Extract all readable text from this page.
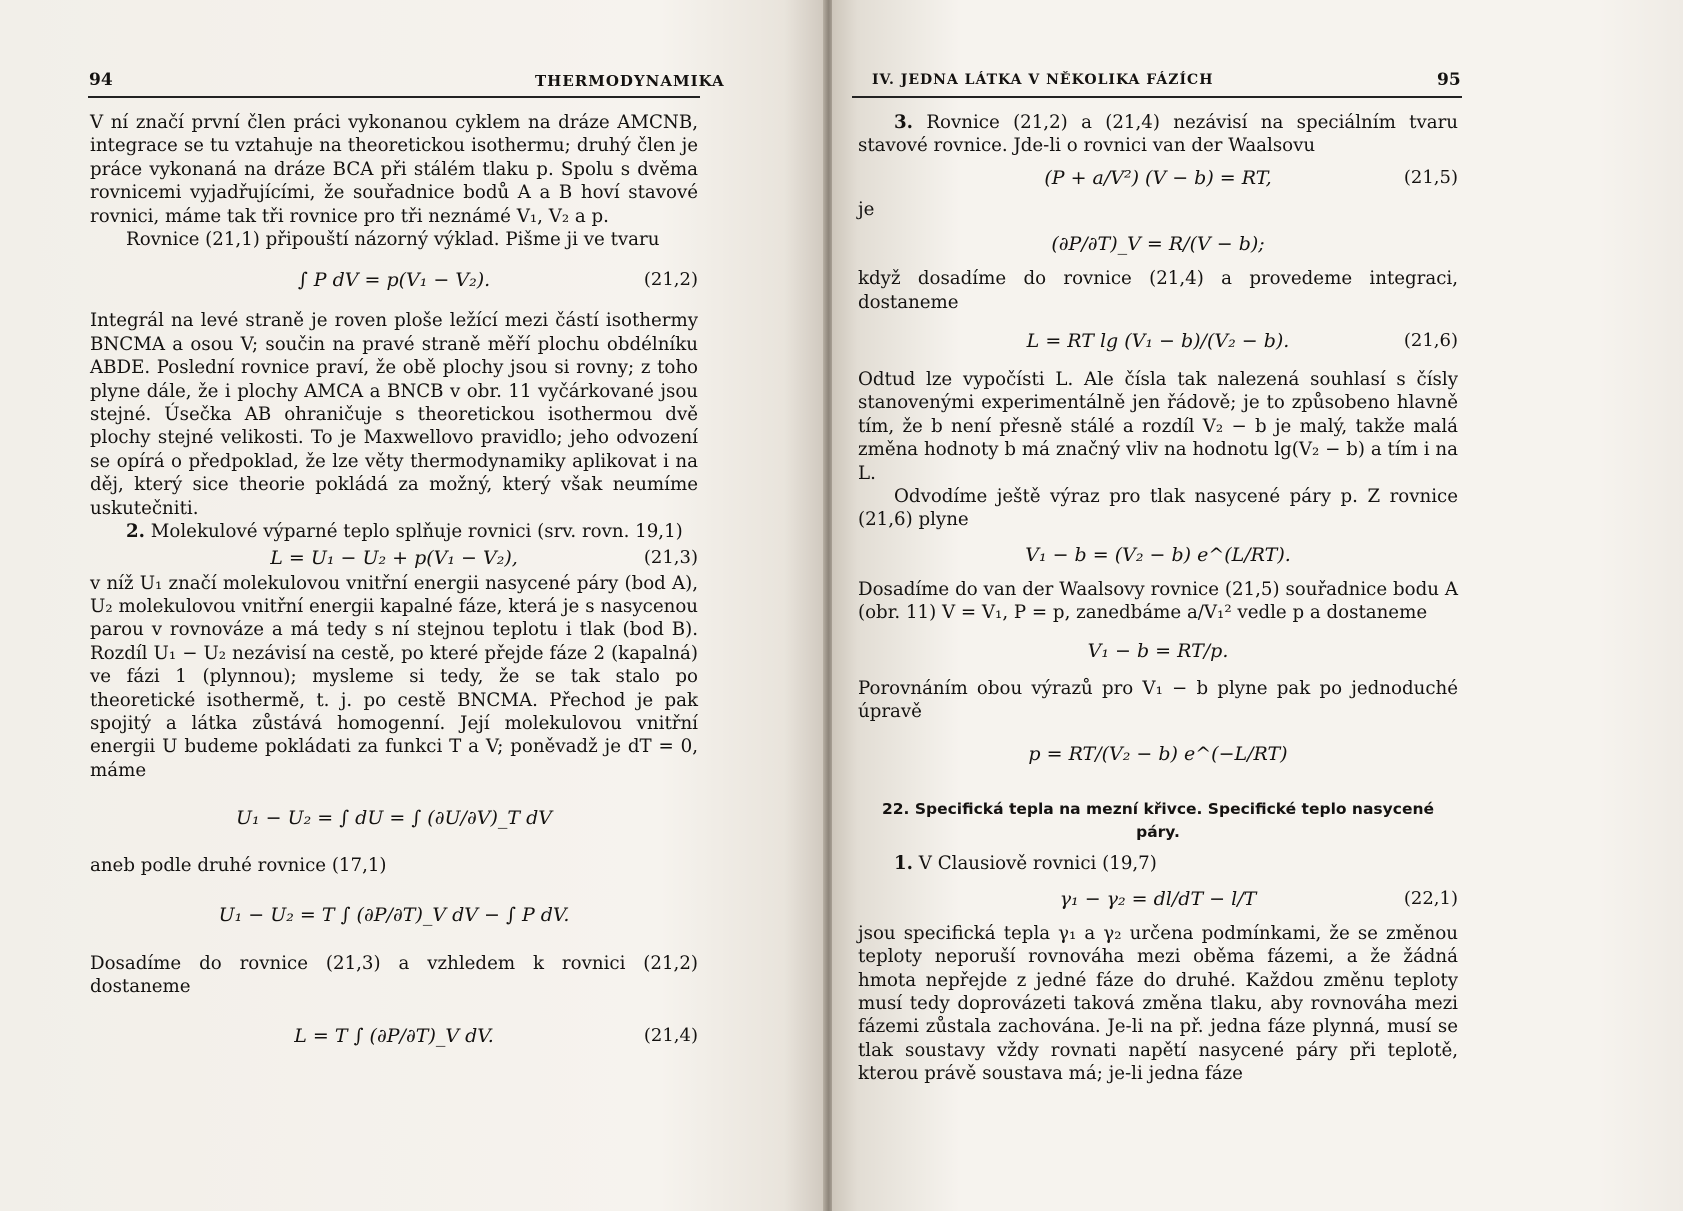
94	THERMODYNAMIKA

V ní značí první člen práci vykonanou cyklem na dráze AMCNB, integrace se tu vztahuje na theoretickou isothermu; druhý člen je práce vykonaná na dráze BCA při stálém tlaku p. Spolu s dvěma rovnicemi vyjadřujícími, že souřadnice bodů A a B hoví stavové rovnici, máme tak tři rovnice pro tři neznámé V₁, V₂ a p.

Rovnice (21,1) připouští názorný výklad. Pišme ji ve tvaru

∫ P dV = p(V₁ − V₂).	(21,2)

Integrál na levé straně je roven ploše ležící mezi částí isothermy BNCMA a osou V; součin na pravé straně měří plochu obdélníku ABDE. Poslední rovnice praví, že obě plochy jsou si rovny; z toho plyne dále, že i plochy AMCA a BNCB v obr. 11 vyčárkované jsou stejné. Úsečka AB ohraničuje s theoretickou isothermou dvě plochy stejné velikosti. To je Maxwellovo pravidlo; jeho odvození se opírá o předpoklad, že lze věty thermodynamiky aplikovat i na děj, který sice theorie pokládá za možný, který však neumíme uskutečniti.

2. Molekulové výparné teplo splňuje rovnici (srv. rovn. 19,1)

L = U₁ − U₂ + p(V₁ − V₂),	(21,3)

v níž U₁ značí molekulovou vnitřní energii nasycené páry (bod A), U₂ molekulovou vnitřní energii kapalné fáze, která je s nasycenou parou v rovnováze a má tedy s ní stejnou teplotu i tlak (bod B). Rozdíl U₁ − U₂ nezávisí na cestě, po které přejde fáze 2 (kapalná) ve fázi 1 (plynnou); mysleme si tedy, že se tak stalo po theoretické isothermě, t. j. po cestě BNCMA. Přechod je pak spojitý a látka zůstává homogenní. Její molekulovou vnitřní energii U budeme pokládati za funkci T a V; poněvadž je dT = 0, máme

U₁ − U₂ = ∫ dU = ∫ (∂U/∂V)_T dV

aneb podle druhé rovnice (17,1)

U₁ − U₂ = T ∫ (∂P/∂T)_V dV − ∫ P dV.

Dosadíme do rovnice (21,3) a vzhledem k rovnici (21,2) dostaneme

L = T ∫ (∂P/∂T)_V dV.	(21,4)
IV. JEDNA LÁTKA V NĚKOLIKA FÁZÍCH	95

3. Rovnice (21,2) a (21,4) nezávisí na speciálním tvaru stavové rovnice. Jde-li o rovnici van der Waalsovu

(P + a/V²) (V − b) = RT,	(21,5)

je

(∂P/∂T)_V = R/(V − b);

když dosadíme do rovnice (21,4) a provedeme integraci, dostaneme

L = RT lg (V₁ − b)/(V₂ − b).	(21,6)

Odtud lze vypočísti L. Ale čísla tak nalezená souhlasí s čísly stanovenými experimentálně jen řádově; je to způsobeno hlavně tím, že b není přesně stálé a rozdíl V₂ − b je malý, takže malá změna hodnoty b má značný vliv na hodnotu lg(V₂ − b) a tím i na L.

Odvodíme ještě výraz pro tlak nasycené páry p. Z rovnice (21,6) plyne

V₁ − b = (V₂ − b) e^(L/RT).

Dosadíme do van der Waalsovy rovnice (21,5) souřadnice bodu A (obr. 11) V = V₁, P = p, zanedbáme a/V₁² vedle p a dostaneme

V₁ − b = RT/p.

Porovnáním obou výrazů pro V₁ − b plyne pak po jednoduché úpravě

p = RT/(V₂ − b) e^(−L/RT)

22. Specifická tepla na mezní křivce. Specifické teplo nasycené páry.

1. V Clausiově rovnici (19,7)

γ₁ − γ₂ = dl/dT − l/T	(22,1)

jsou specifická tepla γ₁ a γ₂ určena podmínkami, že se změnou teploty neporuší rovnováha mezi oběma fázemi, a že žádná hmota nepřejde z jedné fáze do druhé. Každou změnu teploty musí tedy doprovázeti taková změna tlaku, aby rovnováha mezi fázemi zůstala zachována. Je-li na př. jedna fáze plynná, musí se tlak soustavy vždy rovnati napětí nasycené páry při teplotě, kterou právě soustava má; je-li jedna fáze
